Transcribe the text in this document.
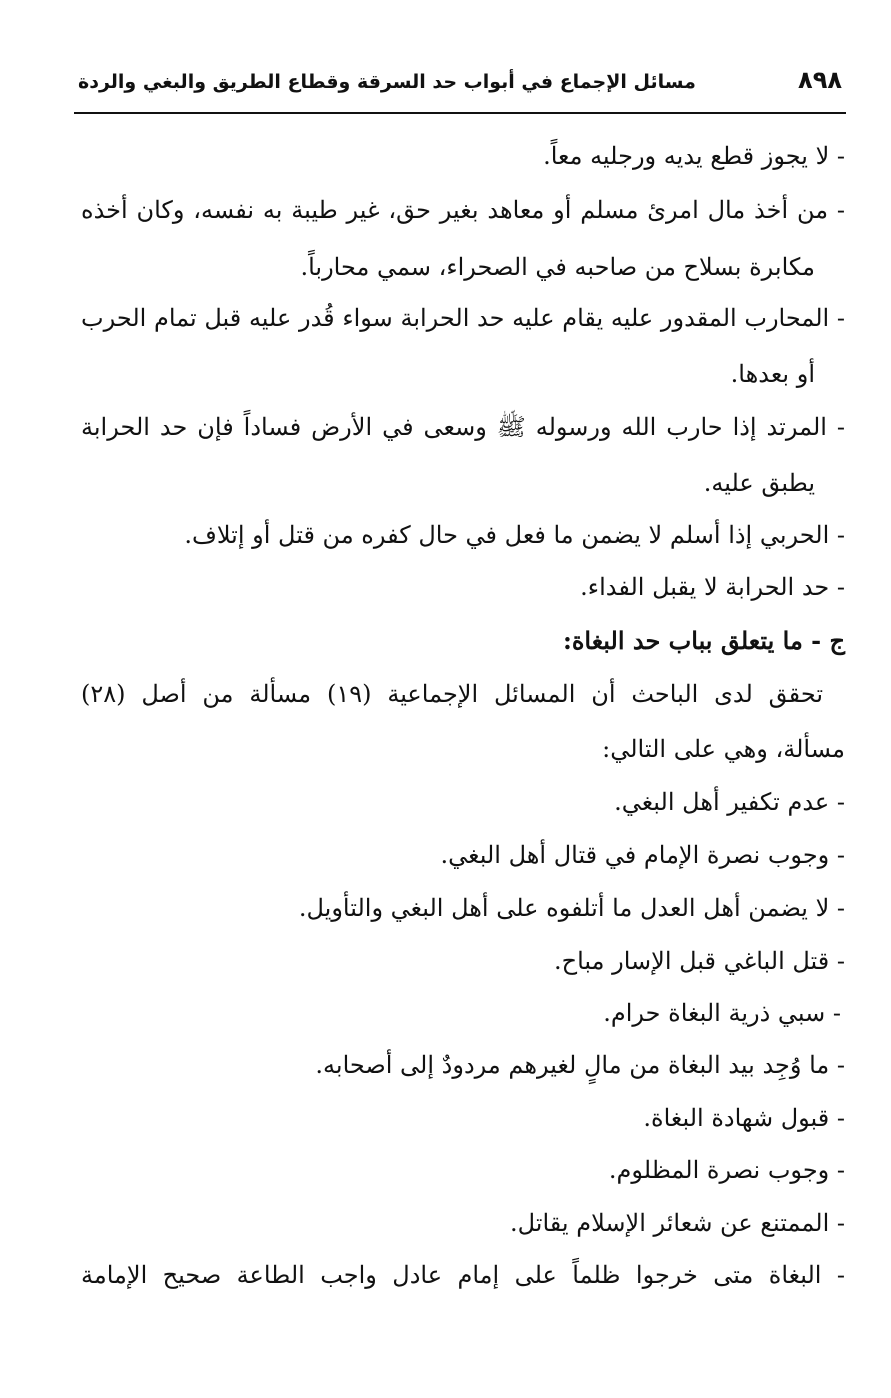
٨٩٨
مسائل الإجماع في أبواب حد السرقة وقطاع الطريق والبغي والردة
- لا يجوز قطع يديه ورجليه معاً.
- من أخذ مال امرئ مسلم أو معاهد بغير حق، غير طيبة به نفسه، وكان أخذه
مكابرة بسلاح من صاحبه في الصحراء، سمي محارباً.
- المحارب المقدور عليه يقام عليه حد الحرابة سواء قُدر عليه قبل تمام الحرب
أو بعدها.
- المرتد إذا حارب الله ورسوله ﷺ وسعى في الأرض فساداً فإن حد الحرابة
يطبق عليه.
- الحربي إذا أسلم لا يضمن ما فعل في حال كفره من قتل أو إتلاف.
- حد الحرابة لا يقبل الفداء.
ج - ما يتعلق بباب حد البغاة:
تحقق لدى الباحث أن المسائل الإجماعية (١٩) مسألة من أصل (٢٨)
مسألة، وهي على التالي:
- عدم تكفير أهل البغي.
- وجوب نصرة الإمام في قتال أهل البغي.
- لا يضمن أهل العدل ما أتلفوه على أهل البغي والتأويل.
- قتل الباغي قبل الإسار مباح.
- سبي ذرية البغاة حرام.
- ما وُجِد بيد البغاة من مالٍ لغيرهم مردودٌ إلى أصحابه.
- قبول شهادة البغاة.
- وجوب نصرة المظلوم.
- الممتنع عن شعائر الإسلام يقاتل.
- البغاة متى خرجوا ظلماً على إمام عادل واجب الطاعة صحيح الإمامة
